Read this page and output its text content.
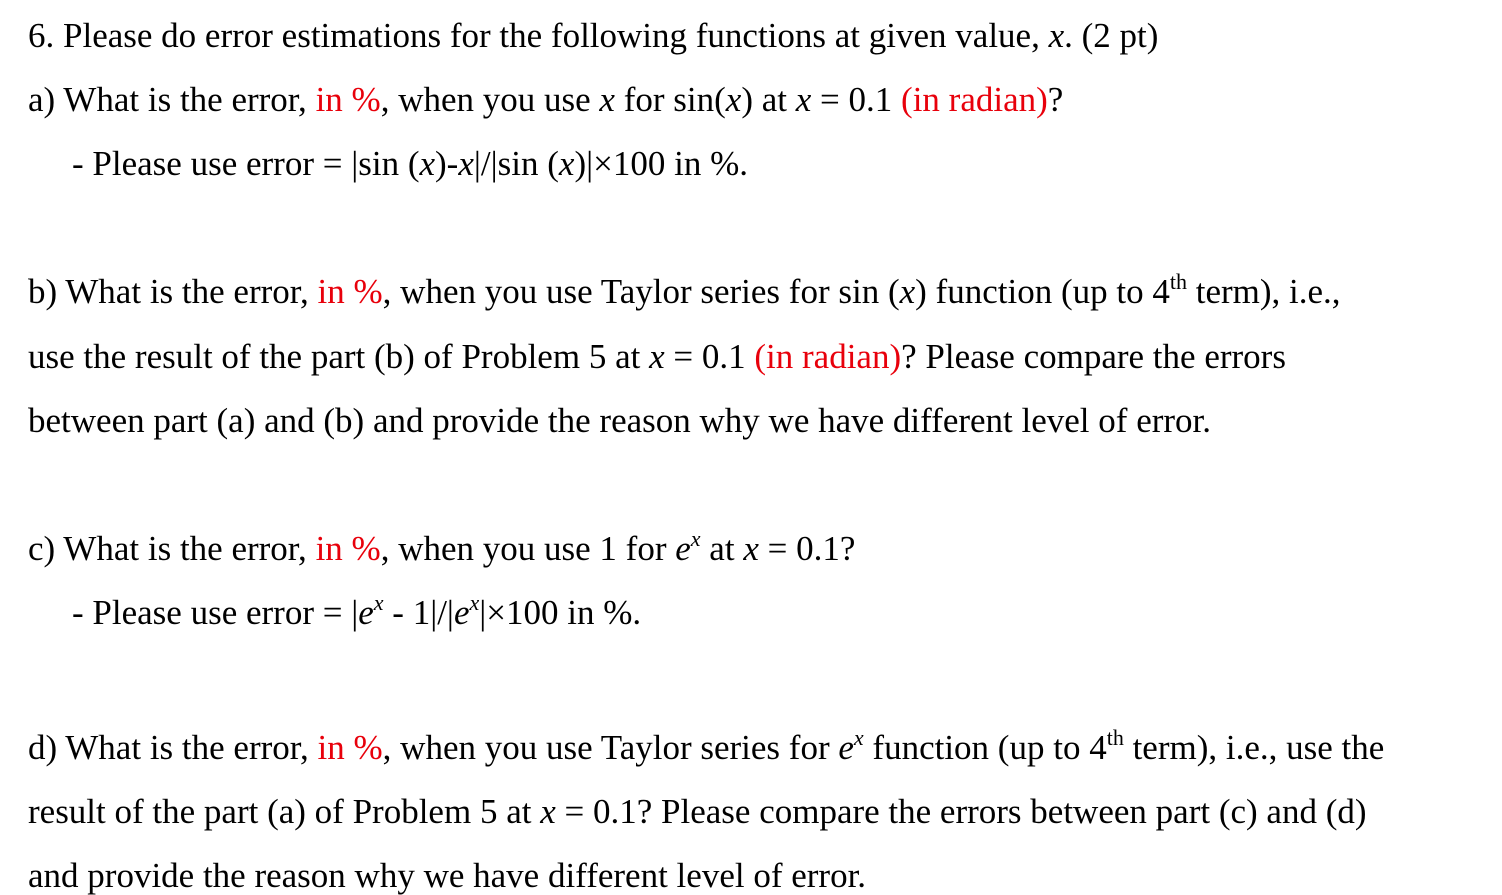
6. Please do error estimations for the following functions at given value, x. (2 pt)
a) What is the error, in %, when you use x for sin(x) at x = 0.1 (in radian)?
- Please use error = |sin (x)-x|/|sin (x)|×100 in %.
b) What is the error, in %, when you use Taylor series for sin (x) function (up to 4th term), i.e.,
use the result of the part (b) of Problem 5 at x = 0.1 (in radian)? Please compare the errors
between part (a) and (b) and provide the reason why we have different level of error.
c) What is the error, in %, when you use 1 for $e^x$ at x = 0.1?
- Please use error = $|e^x - 1|/|e^x|\times 100$ in %.
d) What is the error, in %, when you use Taylor series for $e^x$ function (up to 4th term), i.e., use the
result of the part (a) of Problem 5 at x = 0.1? Please compare the errors between part (c) and (d)
and provide the reason why we have different level of error.
